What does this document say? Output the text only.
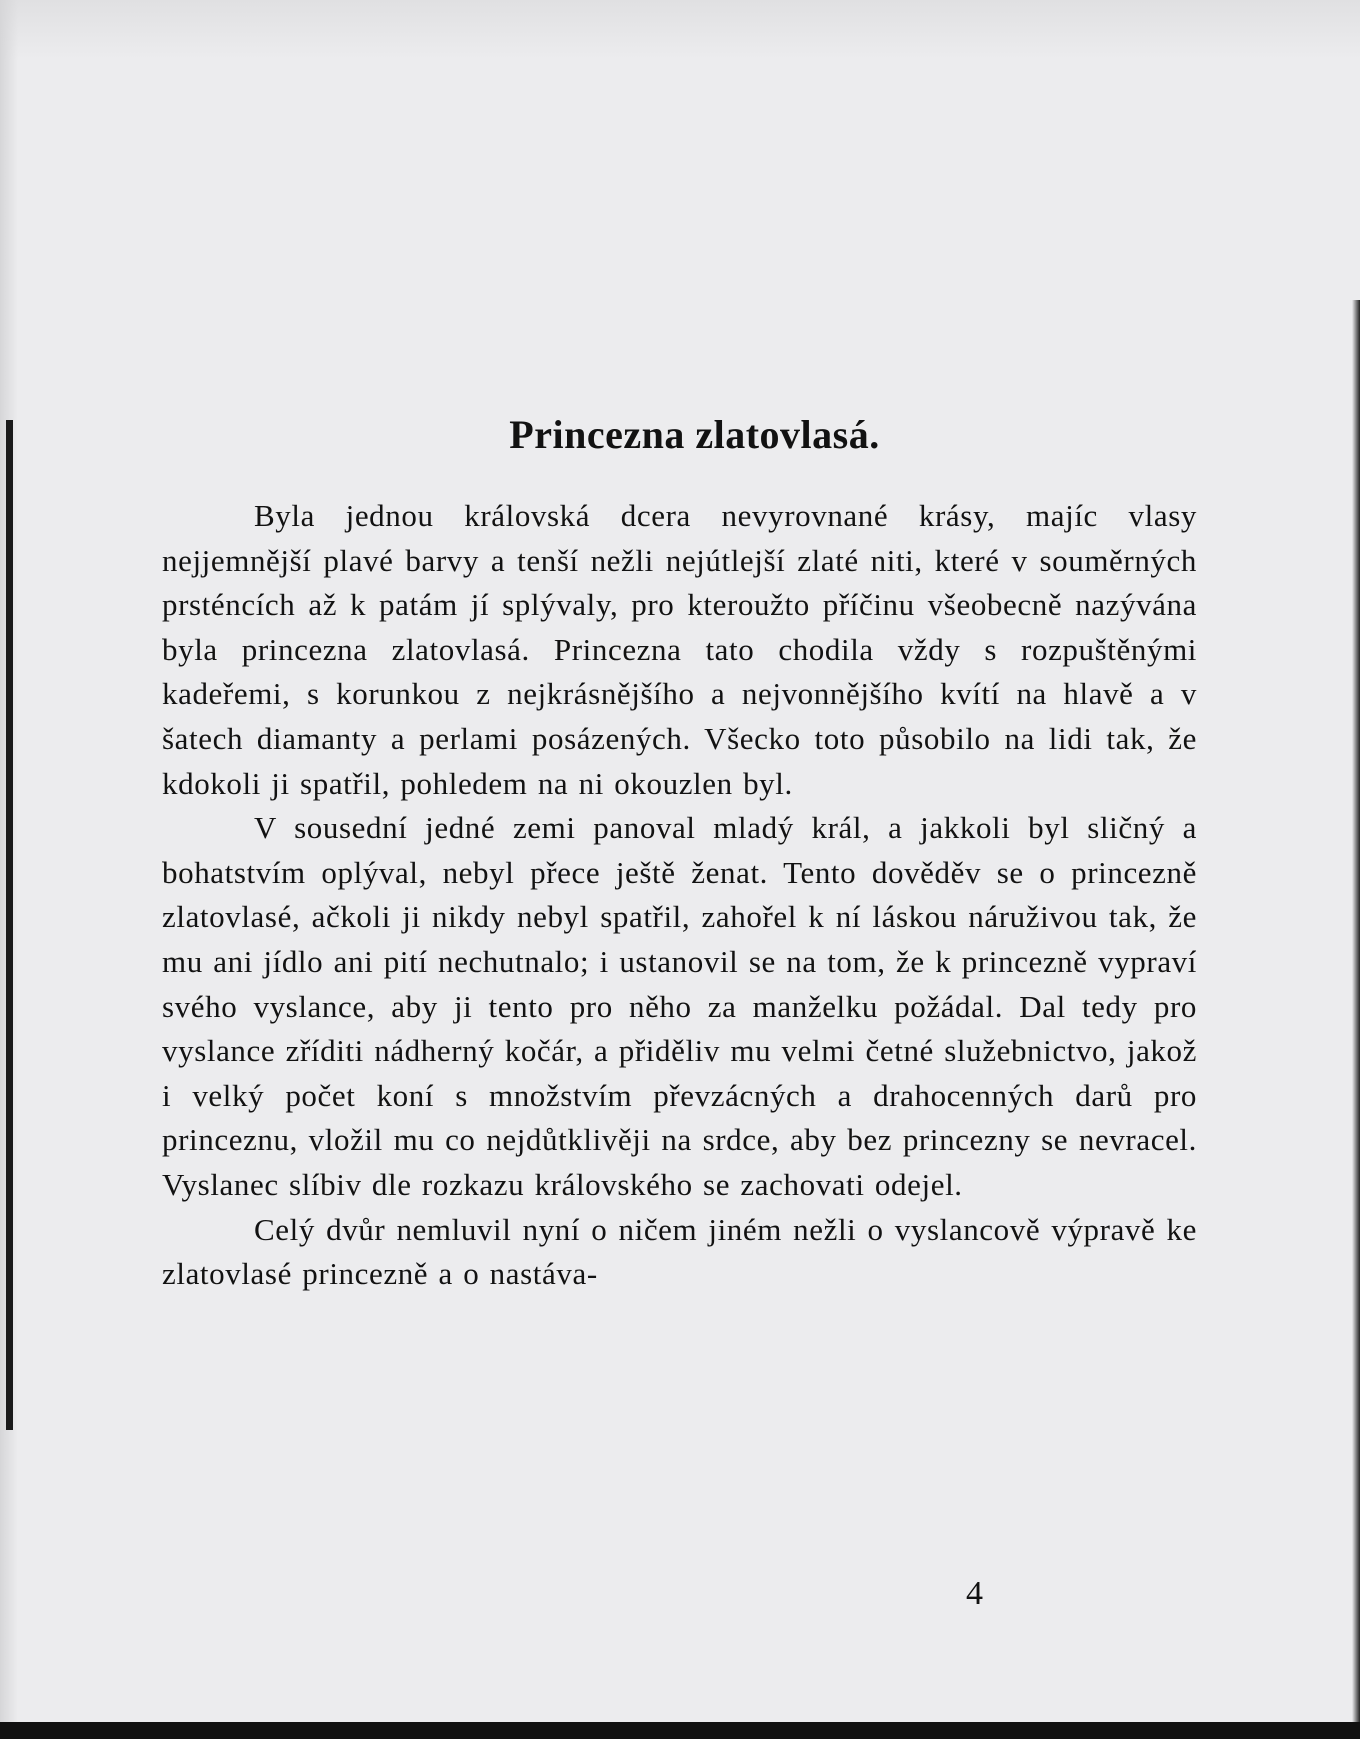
Princezna zlatovlasá.

Byla jednou královská dcera nevyrovnané krásy, majíc vlasy nejjemnější plavé barvy a tenší nežli nejútlejší zlaté niti, které v souměrných prsténcích až k patám jí splývaly, pro kteroužto příčinu všeobecně nazývána byla princezna zlatovlasá. Princezna tato chodila vždy s rozpuštěnými kadeřemi, s korunkou z nejkrásnějšího a nejvonnějšího kvítí na hlavě a v šatech diamanty a perlami posázených. Všecko toto působilo na lidi tak, že kdokoli ji spatřil, pohledem na ni okouzlen byl.

V sousední jedné zemi panoval mladý král, a jakkoli byl sličný a bohatstvím oplýval, nebyl přece ještě ženat. Tento dověděv se o princezně zlatovlasé, ačkoli ji nikdy nebyl spatřil, zahořel k ní láskou náruživou tak, že mu ani jídlo ani pití nechutnalo; i ustanovil se na tom, že k princezně vypraví svého vyslance, aby ji tento pro něho za manželku požádal. Dal tedy pro vyslance zříditi nádherný kočár, a přiděliv mu velmi četné služebnictvo, jakož i velký počet koní s množstvím převzácných a drahocenných darů pro princeznu, vložil mu co nejdůtklivěji na srdce, aby bez princezny se nevracel. Vyslanec slíbiv dle rozkazu královského se zachovati odejel.

Celý dvůr nemluvil nyní o ničem jiném nežli o vyslancově výpravě ke zlatovlasé princezně a o nastáva-

4
